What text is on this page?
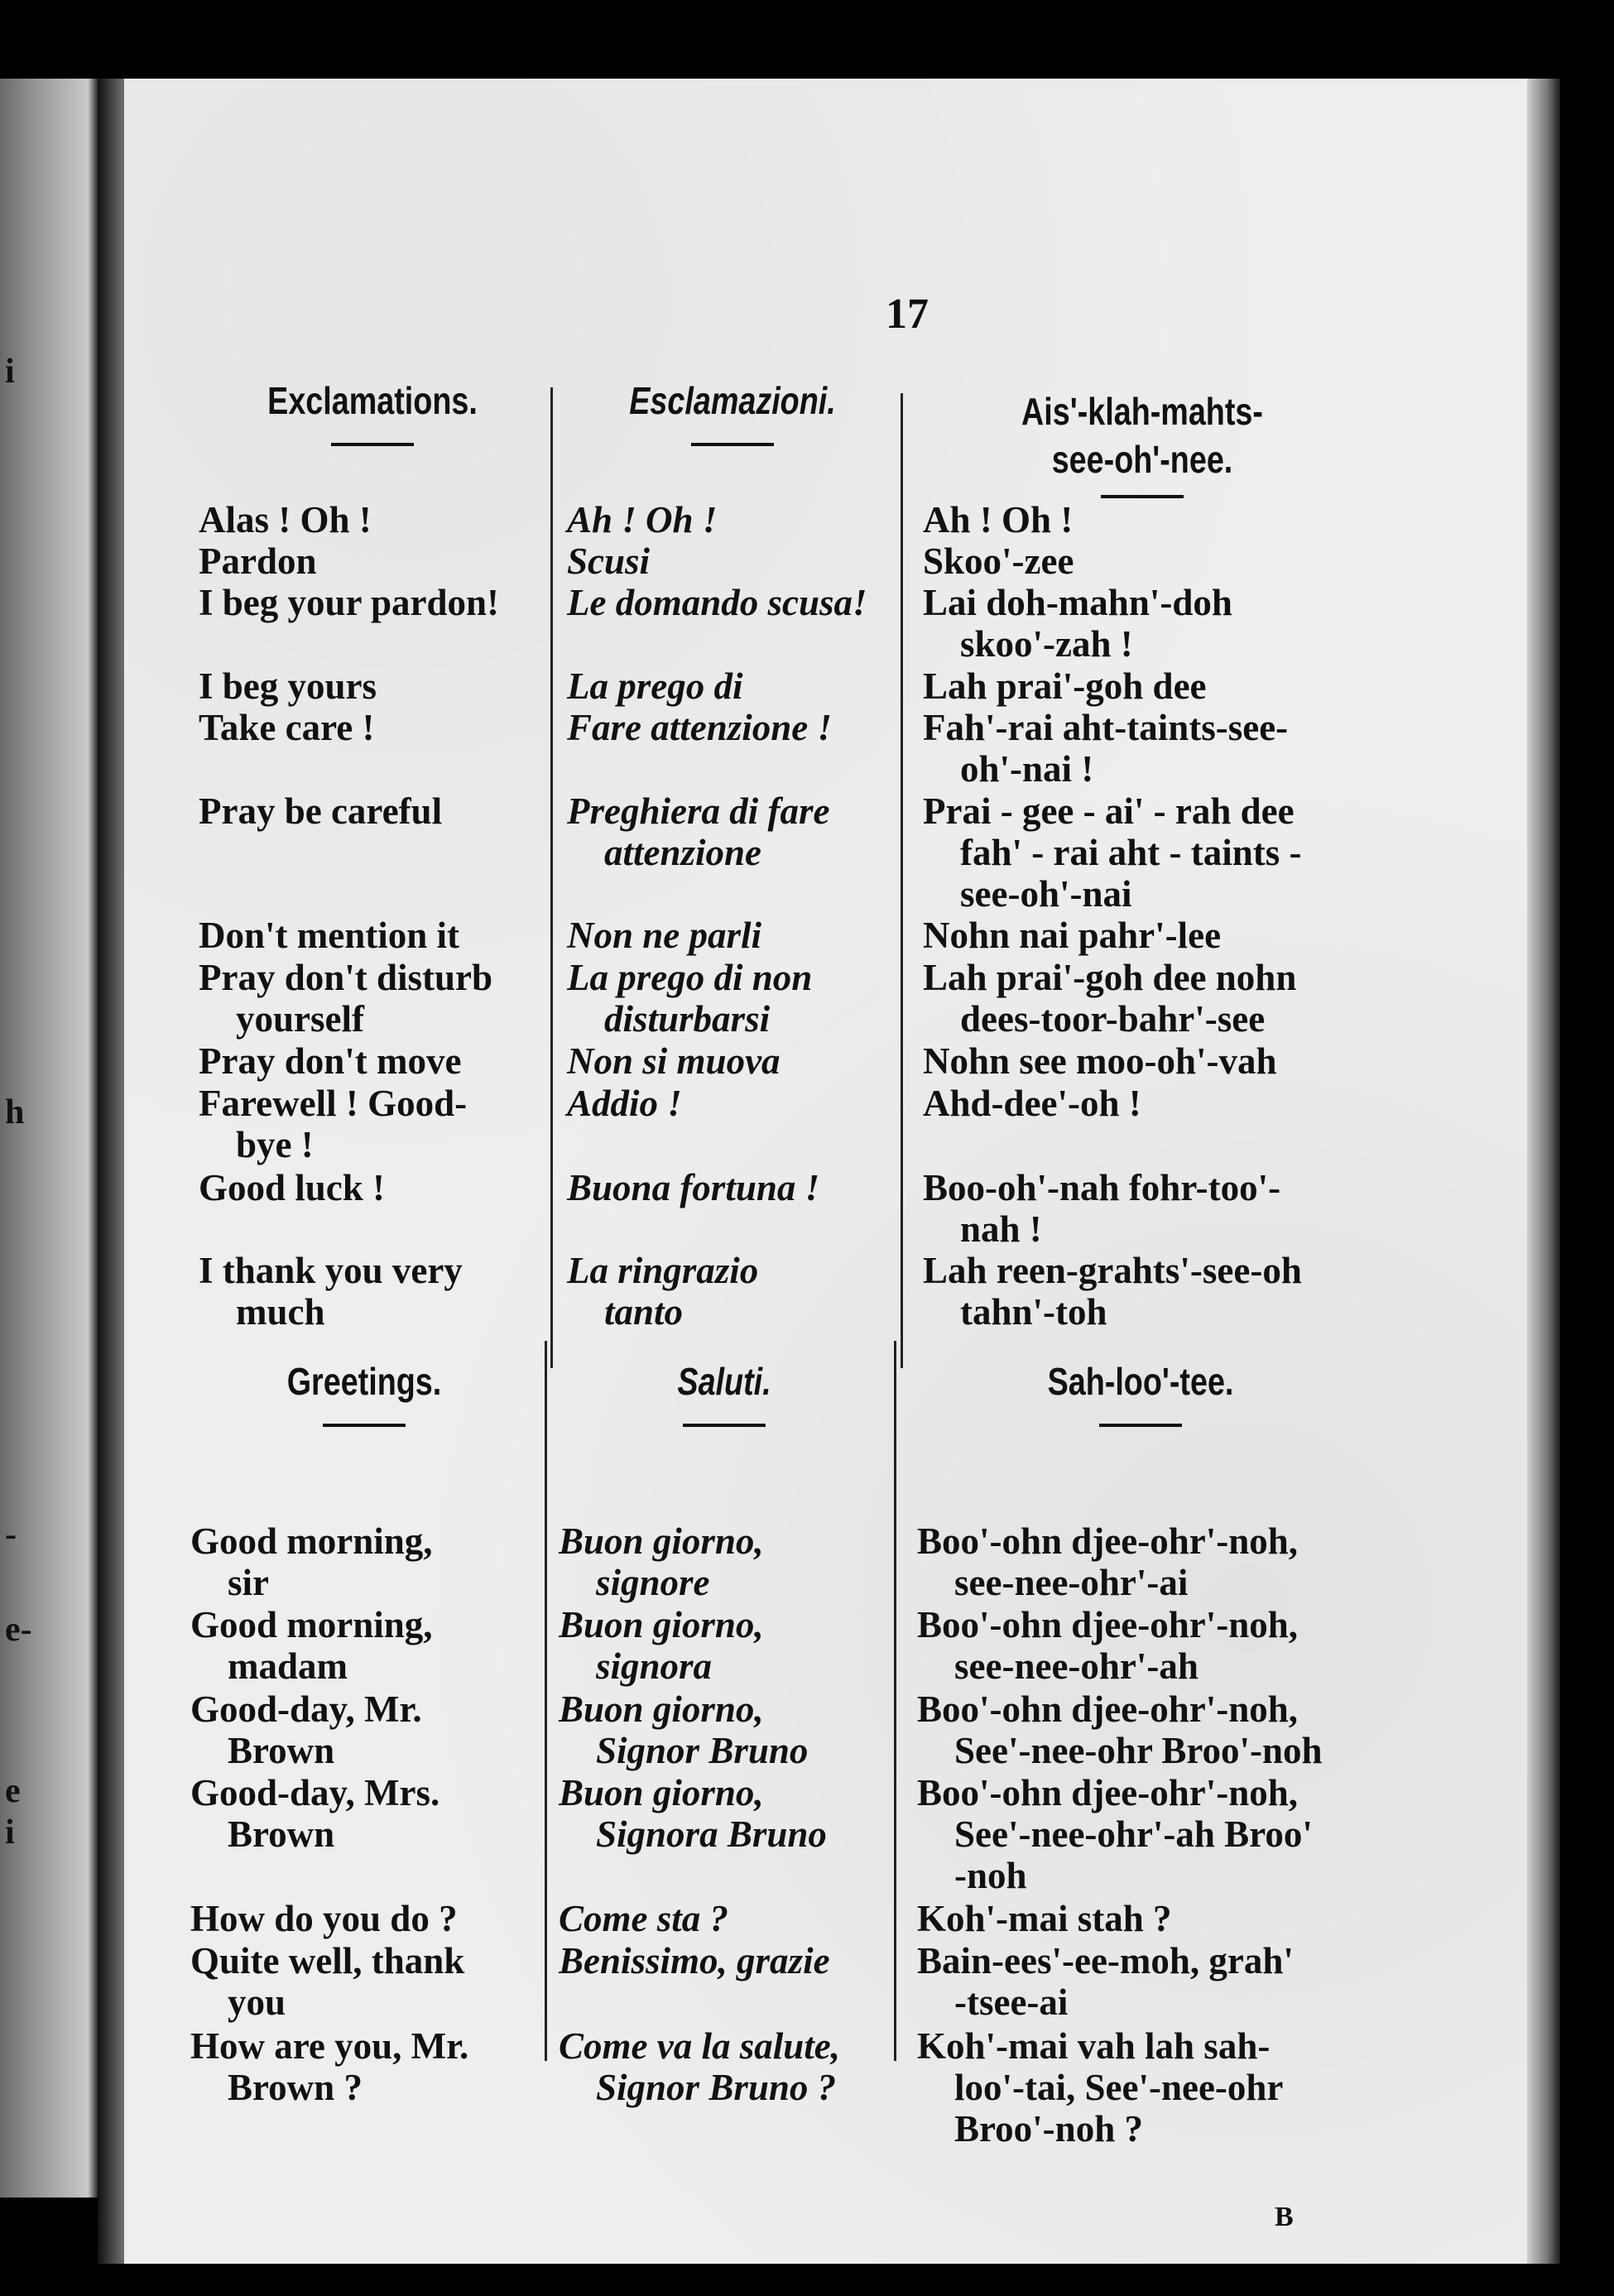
i
h
-
e-
e
i
17
Exclamations.
Alas ! Oh !
Pardon
I beg your pardon!
I beg yours
Take care !
Pray be careful
Don't mention it
Pray don't disturb
yourself
Pray don't move
Farewell ! Good-
bye !
Good luck !
I thank you very
much
Esclamazioni.
Ah ! Oh !
Scusi
Le domando scusa!
La prego di
Fare attenzione !
Preghiera di fare
attenzione
Non ne parli
La prego di non
disturbarsi
Non si muova
Addio !
Buona fortuna !
La ringrazio
tanto
Ais'-klah-mahts-
see-oh'-nee.
Ah ! Oh !
Skoo'-zee
Lai doh-mahn'-doh
skoo'-zah !
Lah prai'-goh dee
Fah'-rai aht-taints-see-
oh'-nai !
Prai - gee - ai' - rah dee
fah' - rai aht - taints -
see-oh'-nai
Nohn nai pahr'-lee
Lah prai'-goh dee nohn
dees-toor-bahr'-see
Nohn see moo-oh'-vah
Ahd-dee'-oh !
Boo-oh'-nah fohr-too'-
nah !
Lah reen-grahts'-see-oh
tahn'-toh
Greetings.
Good morning,
sir
Good morning,
madam
Good-day, Mr.
Brown
Good-day, Mrs.
Brown
How do you do ?
Quite well, thank
you
How are you, Mr.
Brown ?
Saluti.
Buon giorno,
signore
Buon giorno,
signora
Buon giorno,
Signor Bruno
Buon giorno,
Signora Bruno
Come sta ?
Benissimo, grazie
Come va la salute,
Signor Bruno ?
Sah-loo'-tee.
Boo'-ohn djee-ohr'-noh,
see-nee-ohr'-ai
Boo'-ohn djee-ohr'-noh,
see-nee-ohr'-ah
Boo'-ohn djee-ohr'-noh,
See'-nee-ohr Broo'-noh
Boo'-ohn djee-ohr'-noh,
See'-nee-ohr'-ah Broo'
-noh
Koh'-mai stah ?
Bain-ees'-ee-moh, grah'
-tsee-ai
Koh'-mai vah lah sah-
loo'-tai, See'-nee-ohr
Broo'-noh ?
B
